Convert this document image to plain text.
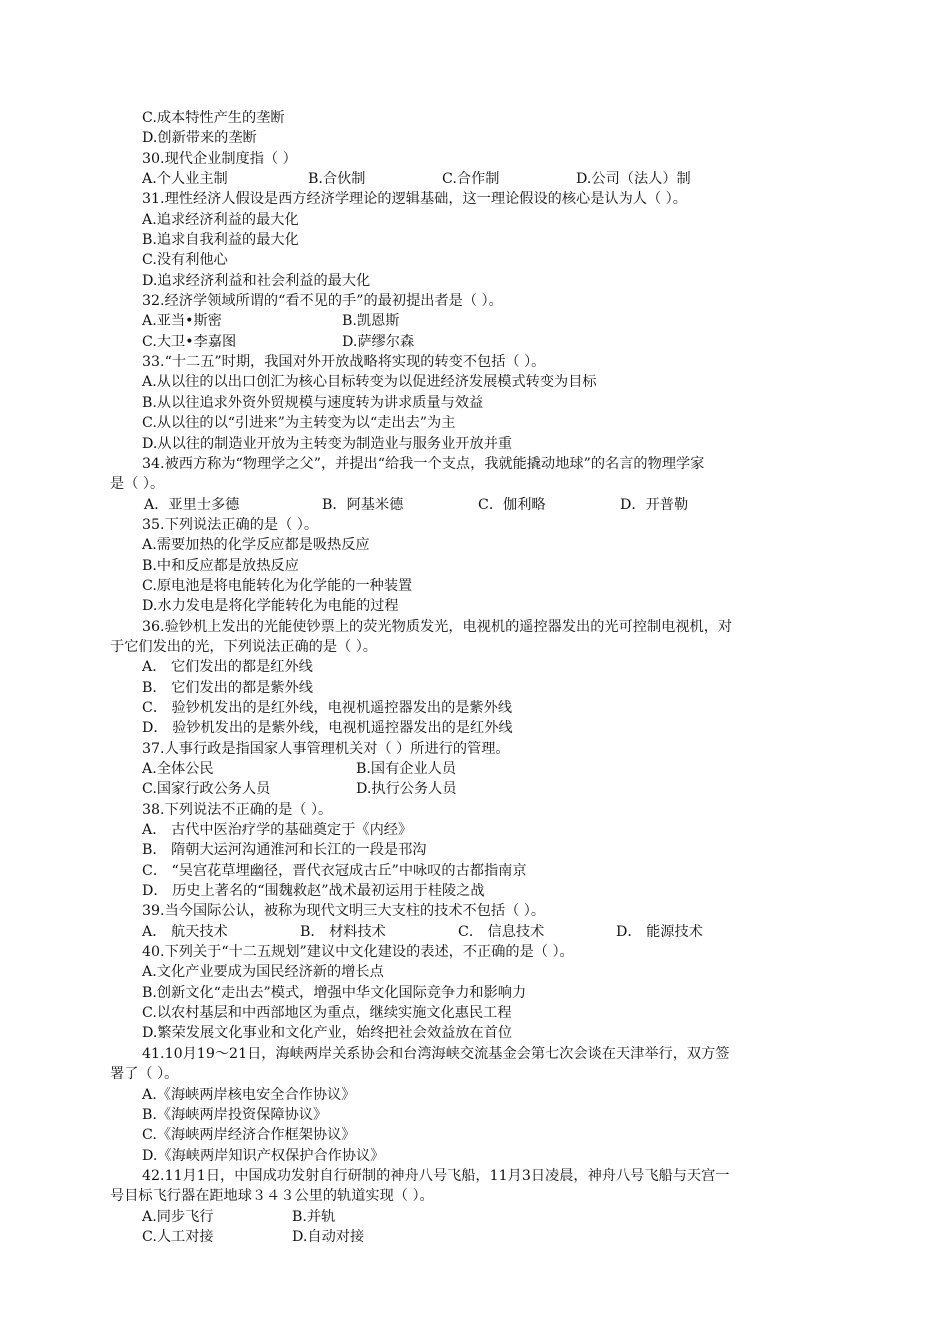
C.成本特性产生的垄断
D.创新带来的垄断
30.现代企业制度指（ ）
A.个人业主制	B.合伙制	C.合作制	D.公司（法人）制
31.理性经济人假设是西方经济学理论的逻辑基础，这一理论假设的核心是认为人（ ）。
A.追求经济利益的最大化
B.追求自我利益的最大化
C.没有利他心
D.追求经济利益和社会利益的最大化
32.经济学领域所谓的“看不见的手”的最初提出者是（ ）。
A.亚当•斯密	B.凯恩斯
C.大卫•李嘉图	D.萨缪尔森
33.“十二五”时期，我国对外开放战略将实现的转变不包括（ ）。
A.从以往的以出口创汇为核心目标转变为以促进经济发展模式转变为目标
B.从以往追求外资外贸规模与速度转为讲求质量与效益
C.从以往的以“引进来”为主转变为以“走出去”为主
D.从以往的制造业开放为主转变为制造业与服务业开放并重
34.被西方称为“物理学之父”，并提出“给我一个支点，我就能撬动地球”的名言的物理学家
是（ ）。
A．亚里士多德	B．阿基米德	C．伽利略	D．开普勒
35.下列说法正确的是（ ）。
A.需要加热的化学反应都是吸热反应
B.中和反应都是放热反应
C.原电池是将电能转化为化学能的一种装置
D.水力发电是将化学能转化为电能的过程
36.验钞机上发出的光能使钞票上的荧光物质发光，电视机的遥控器发出的光可控制电视机，对
于它们发出的光，下列说法正确的是（ ）。
A． 它们发出的都是红外线
B． 它们发出的都是紫外线
C． 验钞机发出的是红外线，电视机遥控器发出的是紫外线
D． 验钞机发出的是紫外线，电视机遥控器发出的是红外线
37.人事行政是指国家人事管理机关对（ ）所进行的管理。
A.全体公民	B.国有企业人员
C.国家行政公务人员	D.执行公务人员
38.下列说法不正确的是（ ）。
A． 古代中医治疗学的基础奠定于《内经》
B． 隋朝大运河沟通淮河和长江的一段是邗沟
C． “吴宫花草埋幽径，晋代衣冠成古丘”中咏叹的古都指南京
D． 历史上著名的“围魏救赵”战术最初运用于桂陵之战
39.当今国际公认，被称为现代文明三大支柱的技术不包括（ ）。
A． 航天技术	B． 材料技术	C． 信息技术	D． 能源技术
40.下列关于“十二五规划”建议中文化建设的表述，不正确的是（ ）。
A.文化产业要成为国民经济新的增长点
B.创新文化“走出去”模式，增强中华文化国际竞争力和影响力
C.以农村基层和中西部地区为重点，继续实施文化惠民工程
D.繁荣发展文化事业和文化产业，始终把社会效益放在首位
41.10月19～21日，海峡两岸关系协会和台湾海峡交流基金会第七次会谈在天津举行，双方签
署了（ ）。
A.《海峡两岸核电安全合作协议》
B.《海峡两岸投资保障协议》
C.《海峡两岸经济合作框架协议》
D.《海峡两岸知识产权保护合作协议》
42.11月1日，中国成功发射自行研制的神舟八号飞船，11月3日凌晨，神舟八号飞船与天宫一
号目标飞行器在距地球３４３公里的轨道实现（ ）。
A.同步飞行	B.并轨
C.人工对接	D.自动对接
